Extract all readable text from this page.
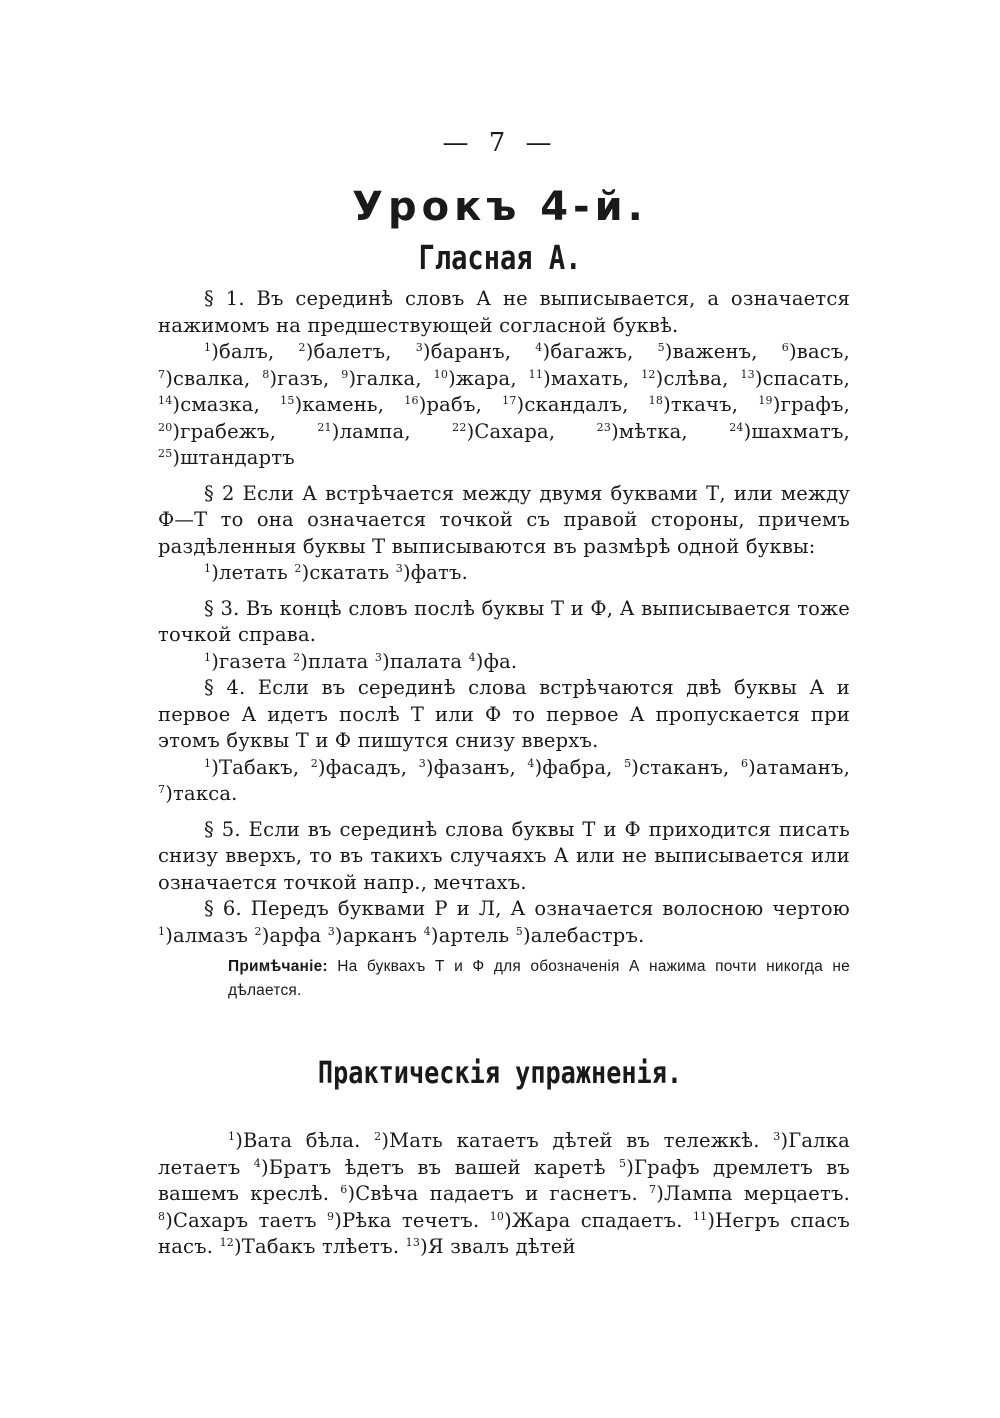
— 7 —
Урокъ 4-й.
Гласная А.

§ 1. Въ серединѣ словъ А не выписывается, а означается нажимомъ на предшествующей согласной буквѣ.

$^1$)балъ, $^2$)балетъ, $^3$)баранъ, $^4$)багажъ, $^5$)важенъ, $^6$)васъ, $^7$)свалка, $^8$)газъ, $^9$)галка, $^{10}$)жара, $^{11}$)махать, $^{12}$)слѣва, $^{13}$)спасать, $^{14}$)смазка, $^{15}$)камень, $^{16}$)рабъ, $^{17}$)скандалъ, $^{18}$)ткачъ, $^{19}$)графъ, $^{20}$)грабежъ, $^{21}$)лампа, $^{22}$)Сахара, $^{23}$)мѣтка, $^{24}$)шахматъ, $^{25}$)штандартъ

§ 2 Если А встрѣчается между двумя буквами Т, или между Ф—Т то она означается точкой съ правой стороны, причемъ раздѣленныя буквы Т выписываются въ размѣрѣ одной буквы:

$^1$)летать $^2$)скатать $^3$)фатъ.

§ 3. Въ концѣ словъ послѣ буквы Т и Ф, А выписывается тоже точкой справа.

$^1$)газета $^2$)плата $^3$)палата $^4$)фа.

§ 4. Если въ серединѣ слова встрѣчаются двѣ буквы А и первое А идетъ послѣ Т или Ф то первое А пропускается при этомъ буквы Т и Ф пишутся снизу вверхъ.

$^1$)Табакъ, $^2$)фасадъ, $^3$)фазанъ, $^4$)фабра, $^5$)стаканъ, $^6$)атаманъ, $^7$)такса.

§ 5. Если въ серединѣ слова буквы Т и Ф приходится писать снизу вверхъ, то въ такихъ случаяхъ А или не выписывается или означается точкой напр., мечтахъ.

§ 6. Передъ буквами Р и Л, А означается волосною чертою $^1$)алмазъ $^2$)арфа $^3$)арканъ $^4$)артель $^5$)алебастръ.

Примѣчаніе: На буквахъ Т и Ф для обозначенія А нажима почти никогда не дѣлается.
Практическія упражненія.

$^1$)Вата бѣла. $^2$)Мать катаетъ дѣтей въ тележкѣ. $^3$)Галка летаетъ $^4$)Братъ ѣдетъ въ вашей каретѣ $^5$)Графъ дремлетъ въ вашемъ креслѣ. $^6$)Свѣча падаетъ и гаснетъ. $^7$)Лампа мерцаетъ. $^8$)Сахаръ таетъ $^9$)Рѣка течетъ. $^{10}$)Жара спадаетъ. $^{11}$)Негръ спасъ насъ. $^{12}$)Табакъ тлѣетъ. $^{13}$)Я звалъ дѣтей
